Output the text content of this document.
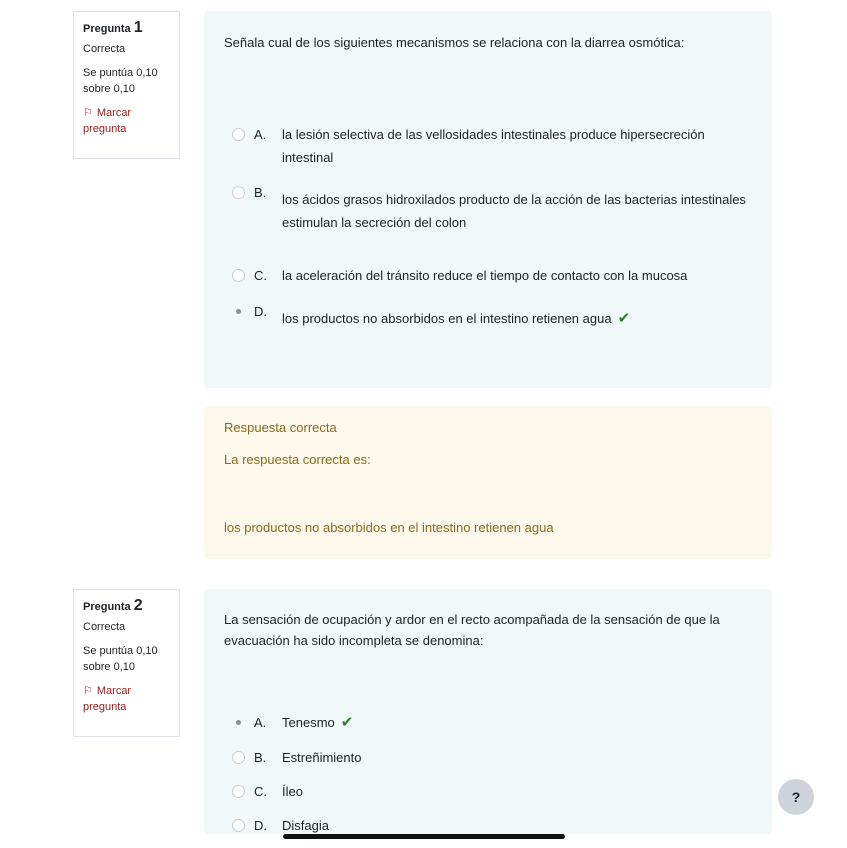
Pregunta 1
Correcta
Se puntúa 0,10
sobre 0,10
⚐ Marcar
pregunta
Señala cual de los siguientes mecanismos se relaciona con la diarrea osmótica:
A. la lesión selectiva de las vellosidades intestinales produce hipersecreción intestinal
B. los ácidos grasos hidroxilados producto de la acción de las bacterias intestinales estimulan la secreción del colon
C. la aceleración del tránsito reduce el tiempo de contacto con la mucosa
D. los productos no absorbidos en el intestino retienen agua ✔
Respuesta correcta
La respuesta correcta es:
los productos no absorbidos en el intestino retienen agua
Pregunta 2
Correcta
Se puntúa 0,10
sobre 0,10
⚐ Marcar
pregunta
La sensación de ocupación y ardor en el recto acompañada de la sensación de que la evacuación ha sido incompleta se denomina:
A. Tenesmo ✔
B. Estreñimiento
C. Íleo
D. Disfagia
?
